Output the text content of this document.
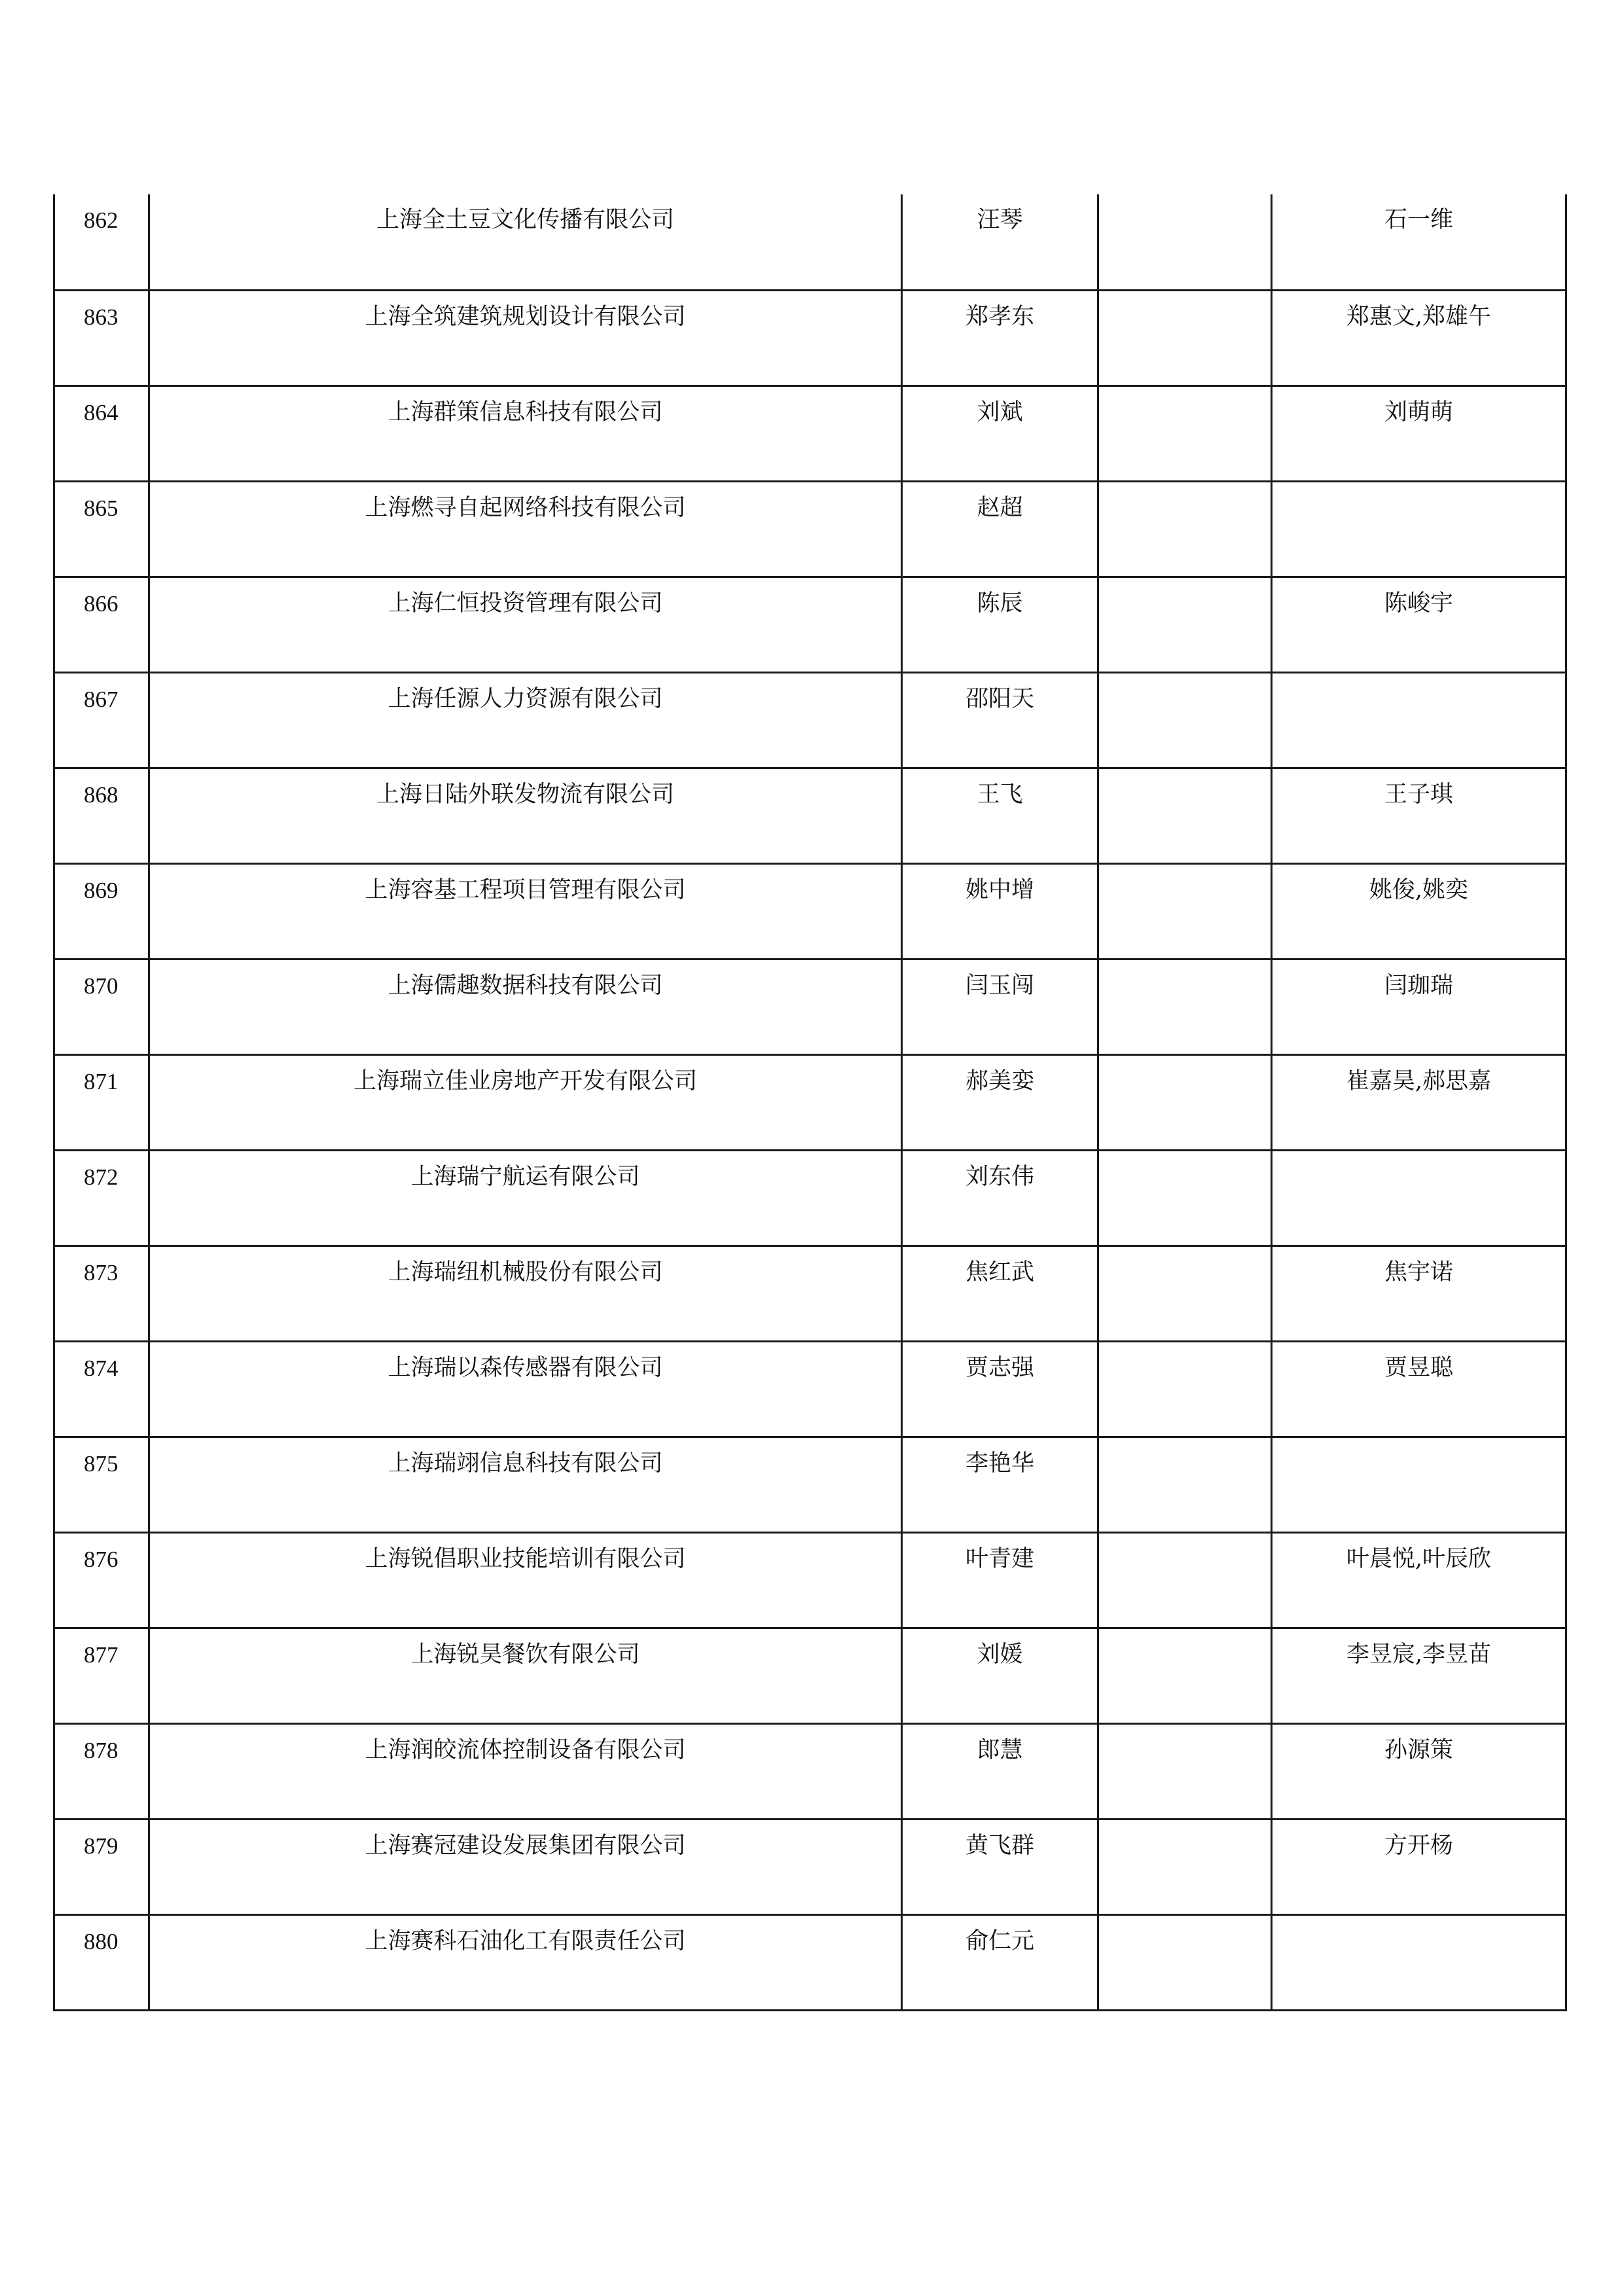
862	上海全土豆文化传播有限公司	汪琴		石一维

863	上海全筑建筑规划设计有限公司	郑孝东		郑惠文,郑雄午

864	上海群策信息科技有限公司	刘斌		刘萌萌

865	上海燃寻自起网络科技有限公司	赵超		

866	上海仁恒投资管理有限公司	陈辰		陈峻宇

867	上海任源人力资源有限公司	邵阳天		

868	上海日陆外联发物流有限公司	王飞		王子琪

869	上海容基工程项目管理有限公司	姚中增		姚俊,姚奕

870	上海儒趣数据科技有限公司	闫玉闯		闫珈瑞

871	上海瑞立佳业房地产开发有限公司	郝美娈		崔嘉昊,郝思嘉

872	上海瑞宁航运有限公司	刘东伟		

873	上海瑞纽机械股份有限公司	焦红武		焦宇诺

874	上海瑞以森传感器有限公司	贾志强		贾昱聪

875	上海瑞翊信息科技有限公司	李艳华		

876	上海锐倡职业技能培训有限公司	叶青建		叶晨悦,叶辰欣

877	上海锐昊餐饮有限公司	刘媛		李昱宸,李昱苗

878	上海润皎流体控制设备有限公司	郎慧		孙源策

879	上海赛冠建设发展集团有限公司	黄飞群		方开杨

880	上海赛科石油化工有限责任公司	俞仁元		
